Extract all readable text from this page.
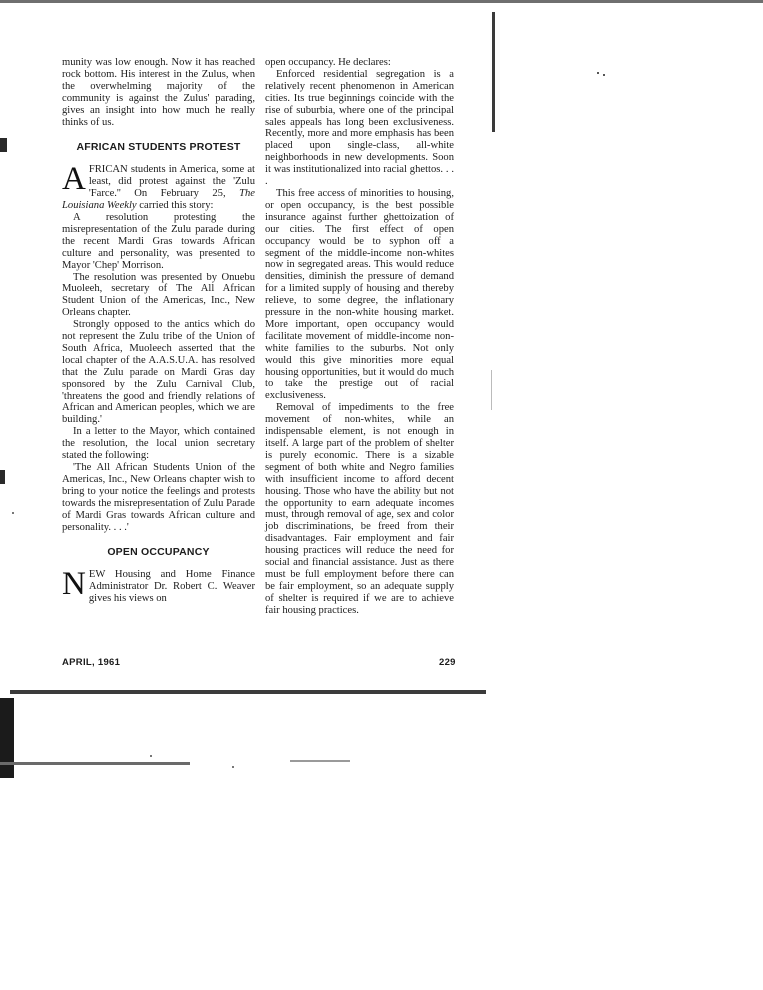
munity was low enough. Now it has reached rock bottom. His interest in the Zulus, when the overwhelming majority of the community is against the Zulus' parading, gives an insight into how much he really thinks of us.

AFRICAN STUDENTS PROTEST

AFRICAN students in America, some at least, did protest against the 'Zulu 'Farce.'' On February 25, The Louisiana Weekly carried this story:

A resolution protesting the misrepresentation of the Zulu parade during the recent Mardi Gras towards African culture and personality, was presented to Mayor 'Chep' Morrison.

The resolution was presented by Onuebu Muoleeh, secretary of The All African Student Union of the Americas, Inc., New Orleans chapter.

Strongly opposed to the antics which do not represent the Zulu tribe of the Union of South Africa, Muoleech asserted that the local chapter of the A.A.S.U.A. has resolved that the Zulu parade on Mardi Gras day sponsored by the Zulu Carnival Club, 'threatens the good and friendly relations of African and American peoples, which we are building.'

In a letter to the Mayor, which contained the resolution, the local union secretary stated the following:

'The All African Students Union of the Americas, Inc., New Orleans chapter wish to bring to your notice the feelings and protests towards the misrepresentation of Zulu Parade of Mardi Gras towards African culture and personality. . . .'

OPEN OCCUPANCY

NEW Housing and Home Finance Administrator Dr. Robert C. Weaver gives his views on

open occupancy. He declares:

Enforced residential segregation is a relatively recent phenomenon in American cities. Its true beginnings coincide with the rise of suburbia, where one of the principal sales appeals has long been exclusiveness. Recently, more and more emphasis has been placed upon single-class, all-white neighborhoods in new developments. Soon it was institutionalized into racial ghettos. . . .

This free access of minorities to housing, or open occupancy, is the best possible insurance against further ghettoization of our cities. The first effect of open occupancy would be to syphon off a segment of the middle-income non-whites now in segregated areas. This would reduce densities, diminish the pressure of demand for a limited supply of housing and thereby relieve, to some degree, the inflationary pressure in the non-white housing market. More important, open occupancy would facilitate movement of middle-income non-white families to the suburbs. Not only would this give minorities more equal housing opportunities, but it would do much to take the prestige out of racial exclusiveness.

Removal of impediments to the free movement of non-whites, while an indispensable element, is not enough in itself. A large part of the problem of shelter is purely economic. There is a sizable segment of both white and Negro families with insufficient income to afford decent housing. Those who have the ability but not the opportunity to earn adequate incomes must, through removal of age, sex and color job discriminations, be freed from their disadvantages. Fair employment and fair housing practices will reduce the need for social and financial assistance. Just as there must be full employment before there can be fair employment, so an adequate supply of shelter is required if we are to achieve fair housing practices.

APRIL, 1961	229
